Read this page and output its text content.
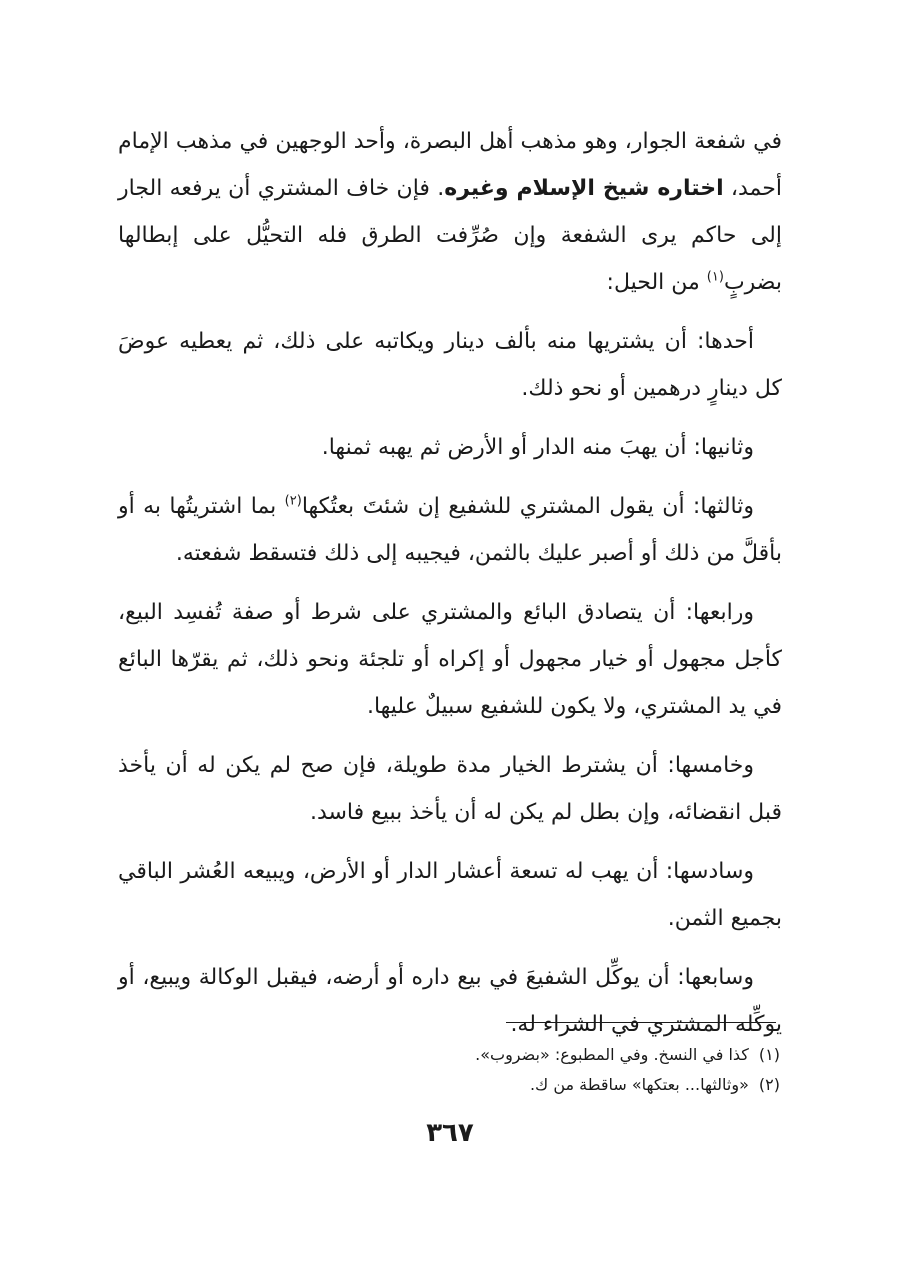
في شفعة الجوار، وهو مذهب أهل البصرة، وأحد الوجهين في مذهب الإمام أحمد، اختاره شيخ الإسلام وغيره. فإن خاف المشتري أن يرفعه الجار إلى حاكم يرى الشفعة وإن صُرِّفت الطرق فله التحيُّل على إبطالها بضربٍ$^{(١)}$ من الحيل:

أحدها: أن يشتريها منه بألف دينار ويكاتبه على ذلك، ثم يعطيه عوضَ كل دينارٍ درهمين أو نحو ذلك.

وثانيها: أن يهبَ منه الدار أو الأرض ثم يهبه ثمنها.

وثالثها: أن يقول المشتري للشفيع إن شئتَ بعتُكها$^{(٢)}$ بما اشتريتُها به أو بأقلَّ من ذلك أو أصبر عليك بالثمن، فيجيبه إلى ذلك فتسقط شفعته.

ورابعها: أن يتصادق البائع والمشتري على شرط أو صفة تُفسِد البيع، كأجل مجهول أو خيار مجهول أو إكراه أو تلجئة ونحو ذلك، ثم يقرّها البائع في يد المشتري، ولا يكون للشفيع سبيلٌ عليها.

وخامسها: أن يشترط الخيار مدة طويلة، فإن صح لم يكن له أن يأخذ قبل انقضائه، وإن بطل لم يكن له أن يأخذ ببيع فاسد.

وسادسها: أن يهب له تسعة أعشار الدار أو الأرض، ويبيعه العُشر الباقي بجميع الثمن.

وسابعها: أن يوكِّل الشفيعَ في بيع داره أو أرضه، فيقبل الوكالة ويبيع، أو يوكِّله المشتري في الشراء له.

(١)كذا في النسخ. وفي المطبوع: «بضروب».

(٢)«وثالثها... بعتكها» ساقطة من ك.

٣٦٧
